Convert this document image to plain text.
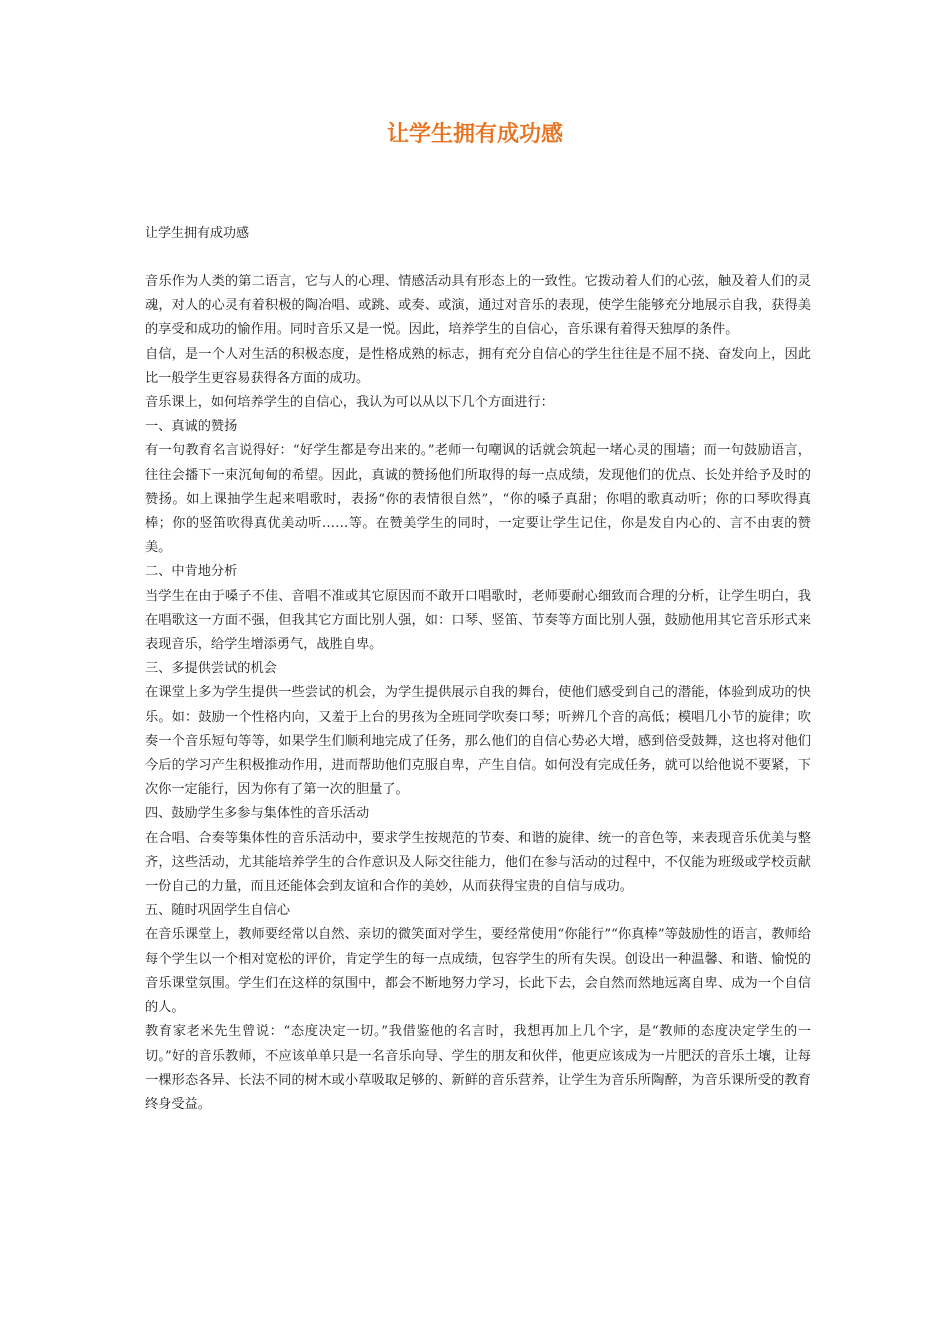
让学生拥有成功感

让学生拥有成功感

音乐作为人类的第二语言，它与人的心理、情感活动具有形态上的一致性。它拨动着人们的心弦，触及着人们的灵魂，对人的心灵有着积极的陶冶唱、或跳、或奏、或演，通过对音乐的表现，使学生能够充分地展示自我，获得美的享受和成功的愉作用。同时音乐又是一悦。因此，培养学生的自信心，音乐课有着得天独厚的条件。

自信，是一个人对生活的积极态度，是性格成熟的标志，拥有充分自信心的学生往往是不屈不挠、奋发向上，因此比一般学生更容易获得各方面的成功。

音乐课上，如何培养学生的自信心，我认为可以从以下几个方面进行：

一、真诚的赞扬

有一句教育名言说得好：“好学生都是夸出来的。”老师一句嘲讽的话就会筑起一堵心灵的围墙；而一句鼓励语言，往往会播下一束沉甸甸的希望。因此，真诚的赞扬他们所取得的每一点成绩，发现他们的优点、长处并给予及时的赞扬。如上课抽学生起来唱歌时，表扬“你的表情很自然”，“你的嗓子真甜；你唱的歌真动听；你的口琴吹得真棒；你的竖笛吹得真优美动听……等。在赞美学生的同时，一定要让学生记住，你是发自内心的、言不由衷的赞美。

二、中肯地分析

当学生在由于嗓子不佳、音唱不准或其它原因而不敢开口唱歌时，老师要耐心细致而合理的分析，让学生明白，我在唱歌这一方面不强，但我其它方面比别人强，如：口琴、竖笛、节奏等方面比别人强，鼓励他用其它音乐形式来表现音乐，给学生增添勇气，战胜自卑。

三、多提供尝试的机会

在课堂上多为学生提供一些尝试的机会，为学生提供展示自我的舞台，使他们感受到自己的潜能，体验到成功的快乐。如：鼓励一个性格内向，又羞于上台的男孩为全班同学吹奏口琴；听辨几个音的高低；模唱几小节的旋律；吹奏一个音乐短句等等，如果学生们顺利地完成了任务，那么他们的自信心势必大增，感到倍受鼓舞，这也将对他们今后的学习产生积极推动作用，进而帮助他们克服自卑，产生自信。如何没有完成任务，就可以给他说不要紧，下次你一定能行，因为你有了第一次的胆量了。

四、鼓励学生多参与集体性的音乐活动

在合唱、合奏等集体性的音乐活动中，要求学生按规范的节奏、和谐的旋律、统一的音色等，来表现音乐优美与整齐，这些活动，尤其能培养学生的合作意识及人际交往能力，他们在参与活动的过程中，不仅能为班级或学校贡献一份自己的力量，而且还能体会到友谊和合作的美妙，从而获得宝贵的自信与成功。

五、随时巩固学生自信心

在音乐课堂上，教师要经常以自然、亲切的微笑面对学生，要经常使用“你能行”“你真棒”等鼓励性的语言，教师给每个学生以一个相对宽松的评价，肯定学生的每一点成绩，包容学生的所有失误。创设出一种温馨、和谐、愉悦的音乐课堂氛围。学生们在这样的氛围中，都会不断地努力学习，长此下去，会自然而然地远离自卑、成为一个自信的人。

教育家老米先生曾说：“态度决定一切。”我借鉴他的名言时，我想再加上几个字，是“教师的态度决定学生的一切。”好的音乐教师，不应该单单只是一名音乐向导、学生的朋友和伙伴，他更应该成为一片肥沃的音乐土壤，让每一棵形态各异、长法不同的树木或小草吸取足够的、新鲜的音乐营养，让学生为音乐所陶醉，为音乐课所受的教育终身受益。
